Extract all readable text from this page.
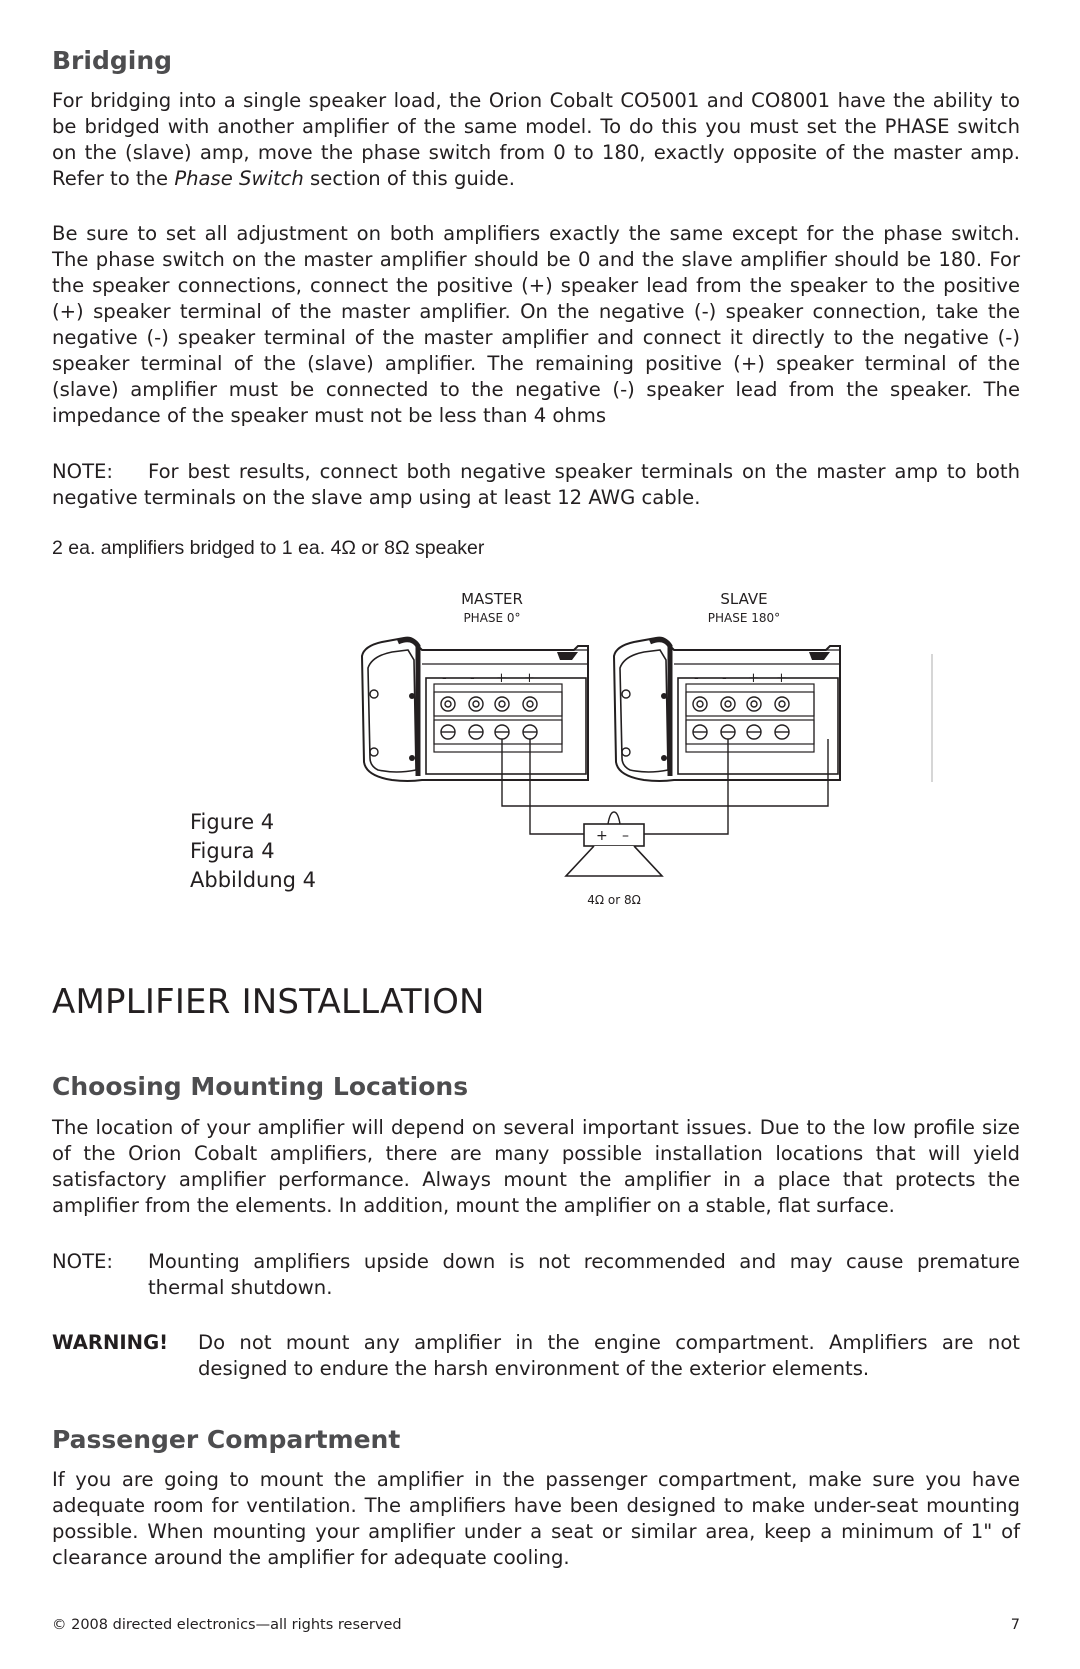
Bridging

For bridging into a single speaker load, the Orion Cobalt CO5001 and CO8001 have the ability to be bridged with another amplifier of the same model. To do this you must set the PHASE switch on the (slave) amp, move the phase switch from 0 to 180, exactly opposite of the master amp. Refer to the Phase Switch section of this guide.

Be sure to set all adjustment on both amplifiers exactly the same except for the phase switch. The phase switch on the master amplifier should be 0 and the slave amplifier should be 180. For the speaker connections, connect the positive (+) speaker lead from the speaker to the positive (+) speaker terminal of the master amplifier. On the negative (-) speaker connection, take the negative (-) speaker terminal of the master amplifier and connect it directly to the negative (-) speaker terminal of the (slave) amplifier. The remaining positive (+) speaker terminal of the (slave) amplifier must be connected to the negative (-) speaker lead from the speaker. The impedance of the speaker must not be less than 4 ohms

NOTE:	For best results, connect both negative speaker terminals on the master amp to both negative terminals on the slave amp using at least 12 AWG cable.
2 ea. amplifiers bridged to 1 ea. 4Ω or 8Ω speaker
MASTER
PHASE 0°
SLAVE
PHASE 180°
- - + +	- - + +
+ –
4Ω or 8Ω
Figure 4
Figura 4
Abbildung 4
AMPLIFIER INSTALLATION
Choosing Mounting Locations

The location of your amplifier will depend on several important issues. Due to the low profile size of the Orion Cobalt amplifiers, there are many possible installation locations that will yield satisfactory amplifier performance. Always mount the amplifier in a place that protects the amplifier from the elements. In addition, mount the amplifier on a stable, flat surface.

NOTE: Mounting amplifiers upside down is not recommended and may cause premature thermal shutdown.
WARNING! Do not mount any amplifier in the engine compartment. Amplifiers are not designed to endure the harsh environment of the exterior elements.
Passenger Compartment

If you are going to mount the amplifier in the passenger compartment, make sure you have adequate room for ventilation. The amplifiers have been designed to make under-seat mounting possible. When mounting your amplifier under a seat or similar area, keep a minimum of 1" of clearance around the amplifier for adequate cooling.

© 2008 directed electronics—all rights reserved	7
